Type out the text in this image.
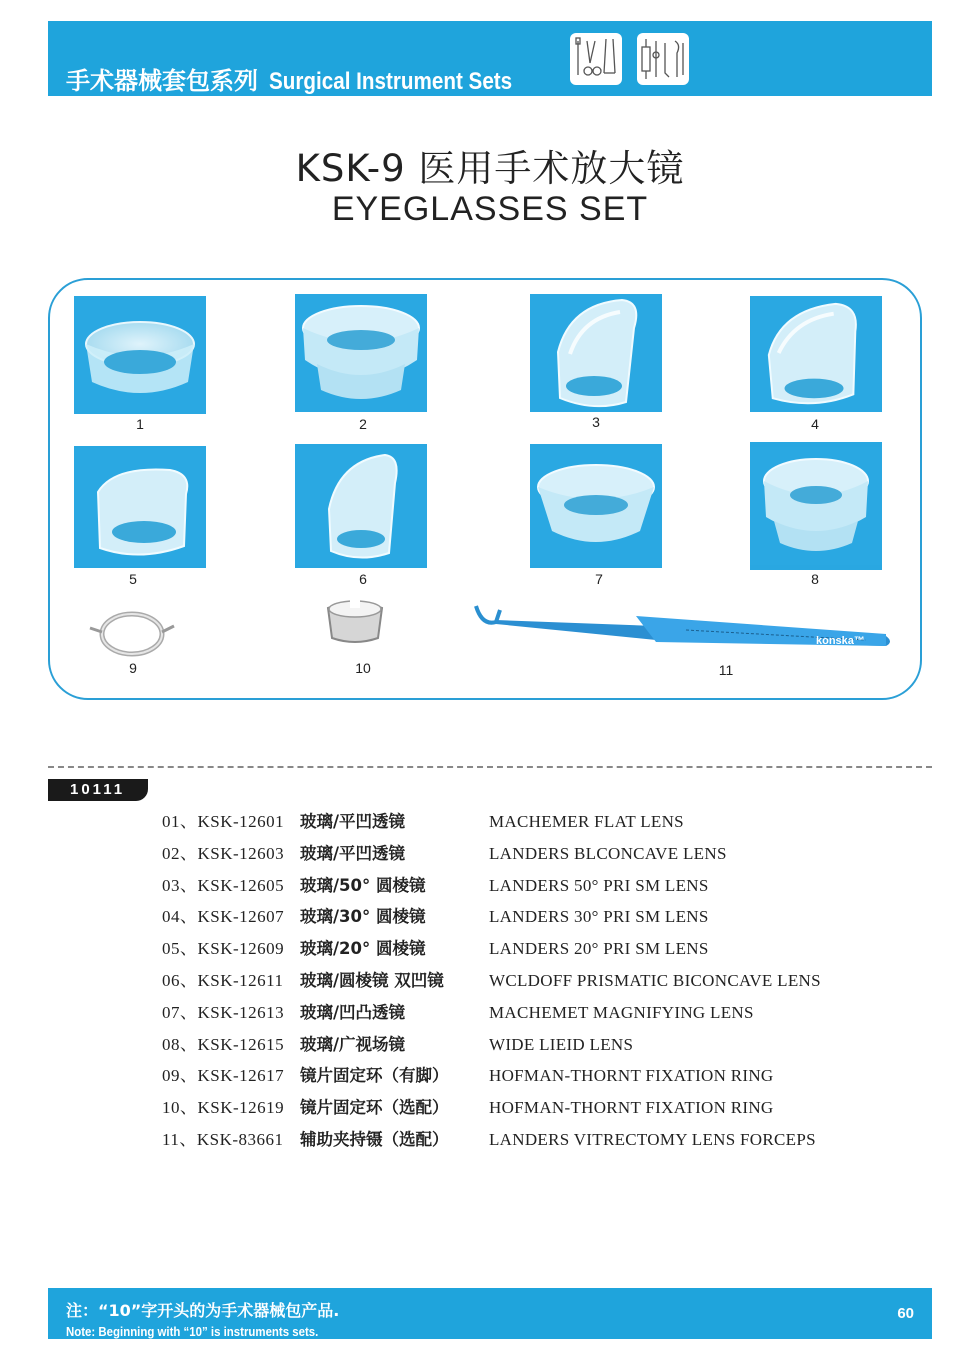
手术器械套包系列 Surgical Instrument Sets
KSK-9 医用手术放大镜
EYEGLASSES SET
1	2	3	4
5	6	7	8
9	10
konska™
11
10111
01、KSK-12601 玻璃/平凹透镜	MACHEMER FLAT LENS
02、KSK-12603 玻璃/平凹透镜	LANDERS BLCONCAVE LENS
03、KSK-12605 玻璃/50° 圆棱镜	LANDERS 50° PRI SM LENS
04、KSK-12607 玻璃/30° 圆棱镜	LANDERS 30° PRI SM LENS
05、KSK-12609 玻璃/20° 圆棱镜	LANDERS 20° PRI SM LENS
06、KSK-12611 玻璃/圆棱镜 双凹镜	WCLDOFF PRISMATIC BICONCAVE LENS
07、KSK-12613 玻璃/凹凸透镜	MACHEMET MAGNIFYING LENS
08、KSK-12615 玻璃/广视场镜	WIDE LIEID LENS
09、KSK-12617 镜片固定环（有脚） HOFMAN-THORNT FIXATION RING
10、KSK-12619 镜片固定环（选配） HOFMAN-THORNT FIXATION RING
11、KSK-83661 辅助夹持镊（选配） LANDERS VITRECTOMY LENS FORCEPS
注：“10”字开头的为手术器械包产品.
Note: Beginning with “10” is instruments sets.
60
